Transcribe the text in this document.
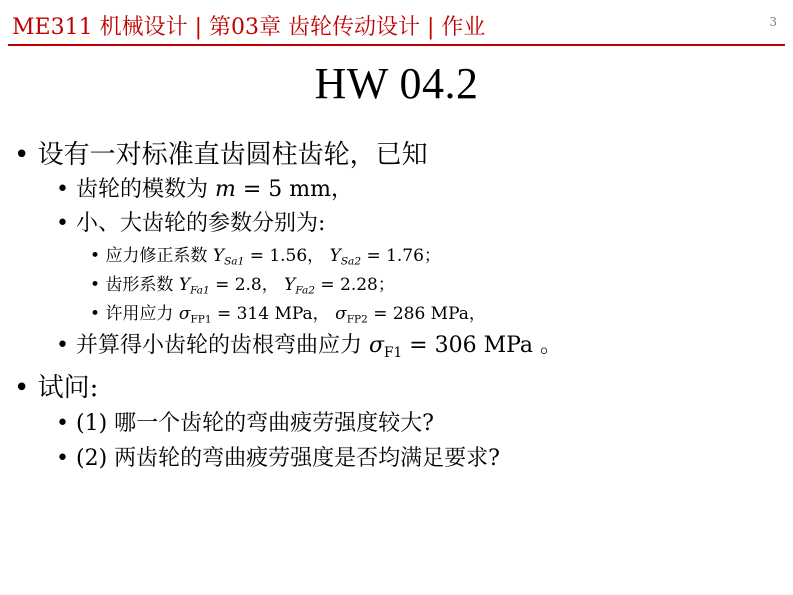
ME311 机械设计 | 第03章 齿轮传动设计 | 作业	3
HW 04.2
• 设有一对标准直齿圆柱齿轮，已知
• 齿轮的模数为 m = 5 mm，
• 小、大齿轮的参数分别为:
• 应力修正系数 $Y_{Sa1} = 1.56$， $Y_{Sa2} = 1.76$；
• 齿形系数 $Y_{Fa1} = 2.8$， $Y_{Fa2} = 2.28$；
• 许用应力 $\sigma_{FP1} = 314$ MPa， $\sigma_{FP2} = 286$ MPa，
• 并算得小齿轮的齿根弯曲应力 $\sigma_{F1} = 306$ MPa 。
• 试问:
• (1) 哪一个齿轮的弯曲疲劳强度较大?
• (2) 两齿轮的弯曲疲劳强度是否均满足要求?
